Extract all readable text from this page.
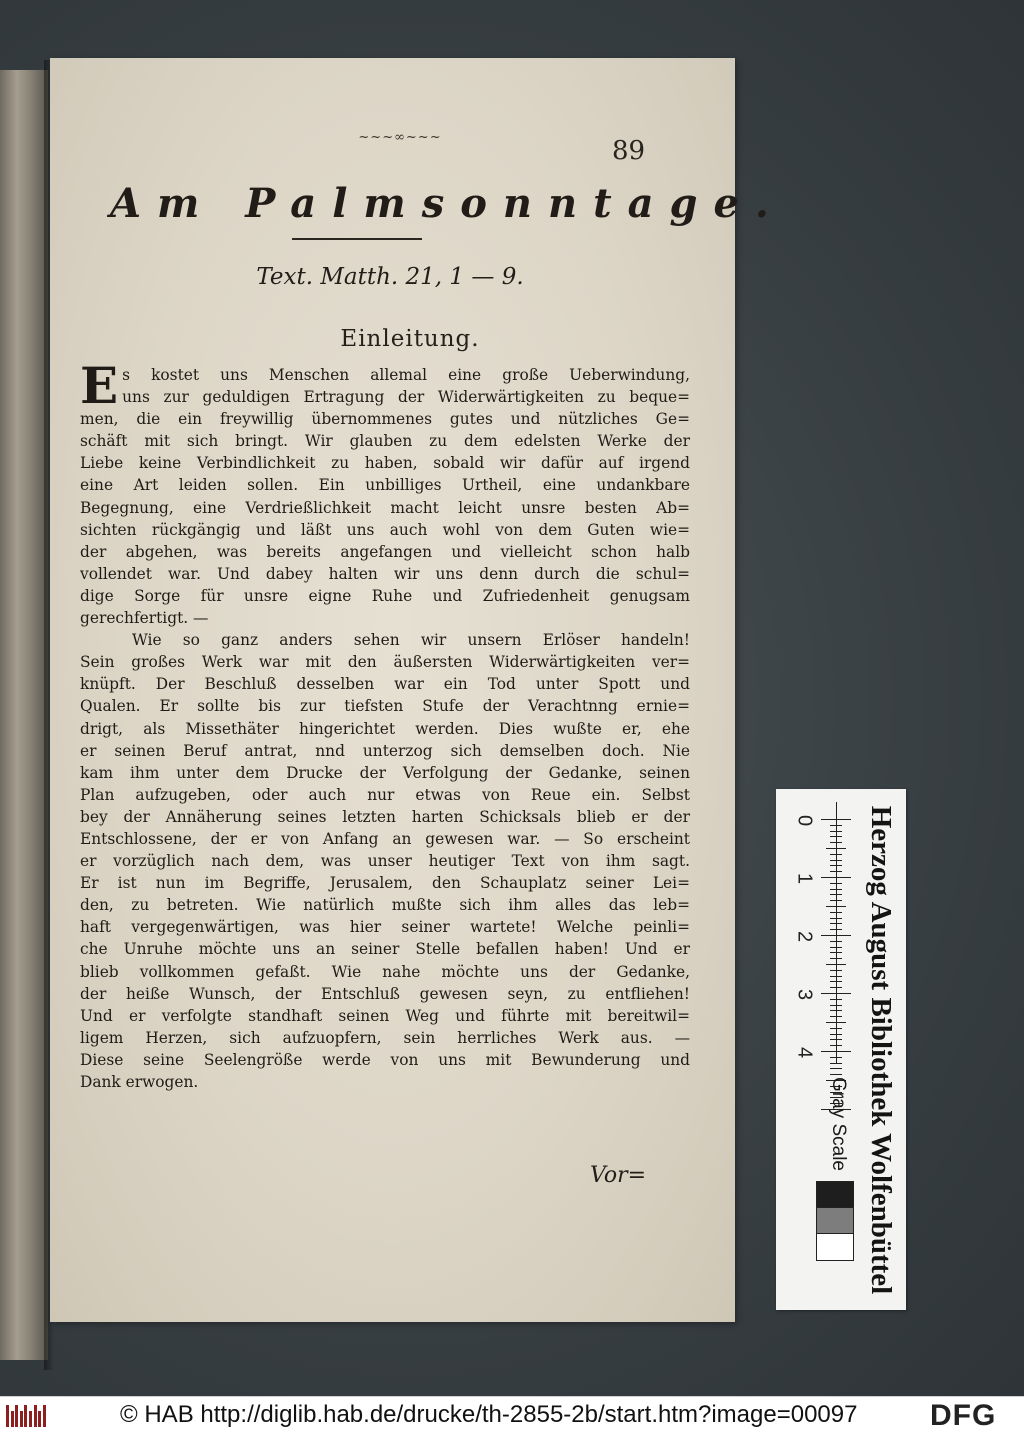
~~~∞~~~	89
Am Palmsonntage.
Text. Matth. 21, 1 — 9.
Einleitung.
E s kostet uns Menschen allemal eine große Ueberwindung,
uns zur geduldigen Ertragung der Widerwärtigkeiten zu beque=
men, die ein freywillig übernommenes gutes und nützliches Ge=
schäft mit sich bringt. Wir glauben zu dem edelsten Werke der
Liebe keine Verbindlichkeit zu haben, sobald wir dafür auf irgend
eine Art leiden sollen. Ein unbilliges Urtheil, eine undankbare
Begegnung, eine Verdrießlichkeit macht leicht unsre besten Ab=
sichten rückgängig und läßt uns auch wohl von dem Guten wie=
der abgehen, was bereits angefangen und vielleicht schon halb
vollendet war. Und dabey halten wir uns denn durch die schul=
dige Sorge für unsre eigne Ruhe und Zufriedenheit genugsam
gerechfertigt. —
Wie so ganz anders sehen wir unsern Erlöser handeln!
Sein großes Werk war mit den äußersten Widerwärtigkeiten ver=
knüpft. Der Beschluß desselben war ein Tod unter Spott und
Qualen. Er sollte bis zur tiefsten Stufe der Verachtnng ernie=
drigt, als Missethäter hingerichtet werden. Dies wußte er, ehe
er seinen Beruf antrat, nnd unterzog sich demselben doch. Nie
kam ihm unter dem Drucke der Verfolgung der Gedanke, seinen
Plan aufzugeben, oder auch nur etwas von Reue ein. Selbst
bey der Annäherung seines letzten harten Schicksals blieb er der
Entschlossene, der er von Anfang an gewesen war. — So erscheint
er vorzüglich nach dem, was unser heutiger Text von ihm sagt.
Er ist nun im Begriffe, Jerusalem, den Schauplatz seiner Lei=
den, zu betreten. Wie natürlich mußte sich ihm alles das leb=
haft vergegenwärtigen, was hier seiner wartete! Welche peinli=
che Unruhe möchte uns an seiner Stelle befallen haben! Und er
blieb vollkommen gefaßt. Wie nahe möchte uns der Gedanke,
der heiße Wunsch, der Entschluß gewesen seyn, zu entfliehen!
Und er verfolgte standhaft seinen Weg und führte mit bereitwil=
ligem Herzen, sich aufzuopfern, sein herrliches Werk aus. —
Diese seine Seelengröße werde von uns mit Bewunderung und
Dank erwogen.
Vor=
0
1
2
3
4
Gray Scale Herzog August Bibliothek Wolfenbüttel
© HAB http://diglib.hab.de/drucke/th-2855-2b/start.htm?image=00097 DFG
